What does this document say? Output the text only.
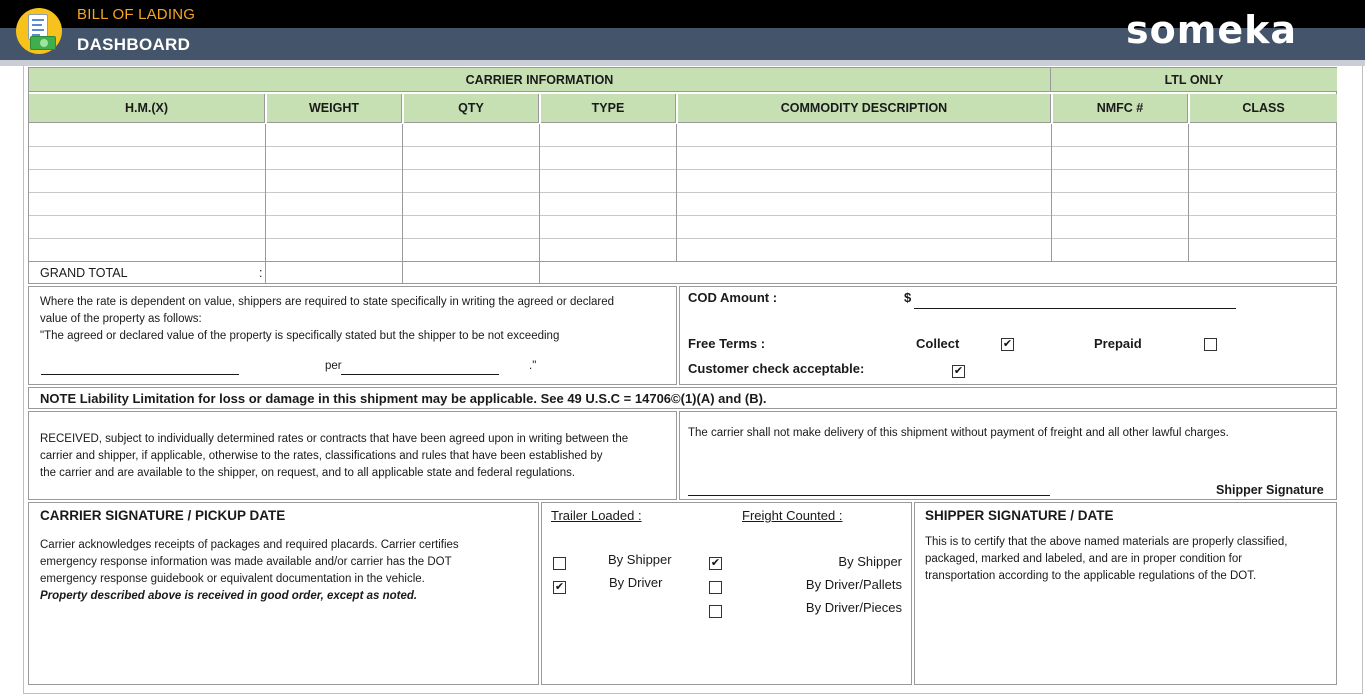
BILL OF LADING
DASHBOARD	someka
CARRIER INFORMATION	LTL ONLY
H.M.(X)	WEIGHT	QTY	TYPE	COMMODITY DESCRIPTION	NMFC #	CLASS
GRAND TOTAL	:
Where the rate is dependent on value, shippers are required to state specifically in writing the agreed or declared
value of the property as follows:
"The agreed or declared value of the property is specifically stated but the shipper to be not exceeding
per	."
COD Amount :	$
Free Terms :	Collect	✔	Prepaid
Customer check acceptable:	✔
NOTE Liability Limitation for loss or damage in this shipment may be applicable. See 49 U.S.C = 14706©(1)(A) and (B).
RECEIVED, subject to individually determined rates or contracts that have been agreed upon in writing between the
carrier and shipper, if applicable, otherwise to the rates, classifications and rules that have been established by
the carrier and are available to the shipper, on request, and to all applicable state and federal regulations.
The carrier shall not make delivery of this shipment without payment of freight and all other lawful charges.
Shipper Signature
CARRIER SIGNATURE / PICKUP DATE
Carrier acknowledges receipts of packages and required placards. Carrier certifies
emergency response information was made available and/or carrier has the DOT
emergency response guidebook or equivalent documentation in the vehicle.
Property described above is received in good order, except as noted.
Trailer Loaded :	Freight Counted :
By Shipper
✔	By Driver
✔	By Shipper
By Driver/Pallets
By Driver/Pieces
SHIPPER SIGNATURE / DATE
This is to certify that the above named materials are properly classified,
packaged, marked and labeled, and are in proper condition for
transportation according to the applicable regulations of the DOT.
